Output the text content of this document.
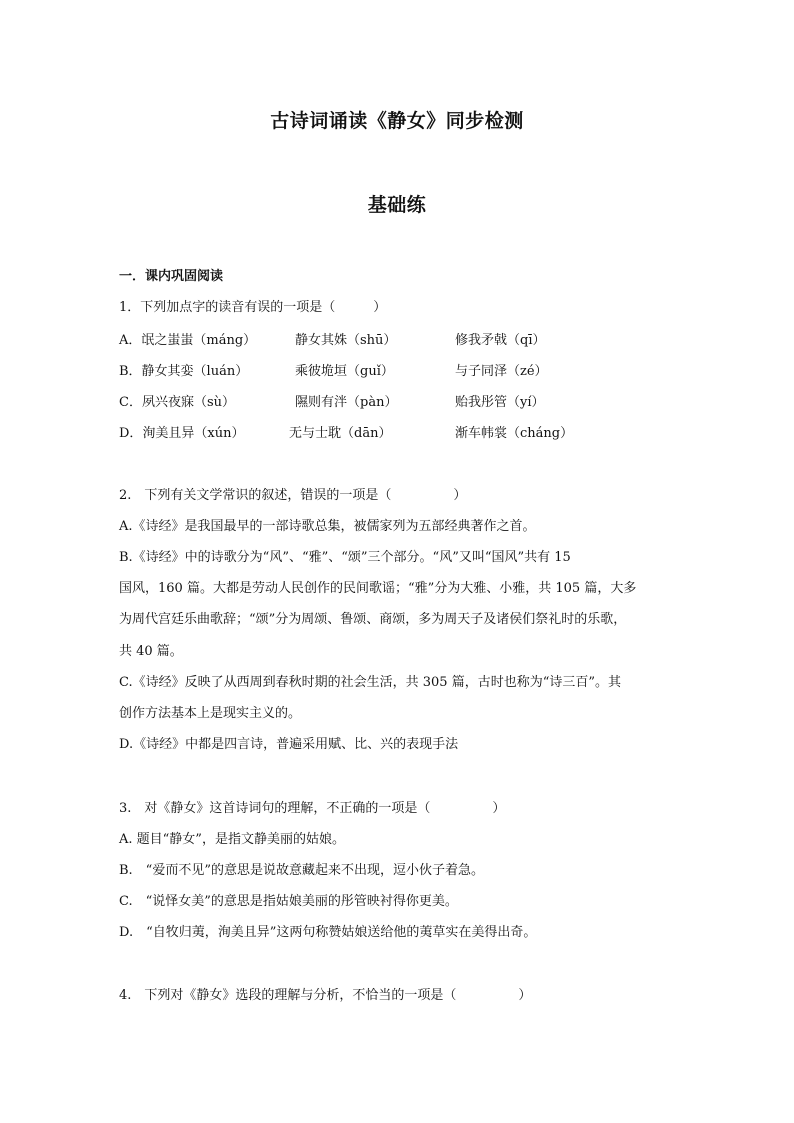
古诗词诵读《静女》同步检测
基础练
一．课内巩固阅读
1．下列加点字的读音有误的一项是（	）
A．氓之蚩蚩（máng）	静女其姝（shū）	修我矛戟（qī）
B．静女其娈（luán）	乘彼垝垣（guǐ）	与子同泽（zé）
C．夙兴夜寐（sù）	隰则有泮（pàn）	贻我彤管（yí）
D．洵美且异（xún）	无与士耽（dān）	渐车帏裳（cháng）
2.　下列有关文学常识的叙述，错误的一项是（	）
A.《诗经》是我国最早的一部诗歌总集，被儒家列为五部经典著作之首。
B.《诗经》中的诗歌分为“风”、“雅”、“颂”三个部分。“风”又叫“国风”共有 15
国风，160 篇。大都是劳动人民创作的民间歌谣；“雅”分为大雅、小雅，共 105 篇，大多
为周代宫廷乐曲歌辞；“颂”分为周颂、鲁颂、商颂，多为周天子及诸侯们祭礼时的乐歌，
共 40 篇。
C.《诗经》反映了从西周到春秋时期的社会生活，共 305 篇，古时也称为“诗三百”。其
创作方法基本上是现实主义的。
D.《诗经》中都是四言诗，普遍采用赋、比、兴的表现手法
3.　对《静女》这首诗词句的理解，不正确的一项是（	）
A. 题目“静女”，是指文静美丽的姑娘。
B.　“爱而不见”的意思是说故意藏起来不出现，逗小伙子着急。
C.　“说怿女美”的意思是指姑娘美丽的彤管映衬得你更美。
D.　“自牧归荑，洵美且异”这两句称赞姑娘送给他的荑草实在美得出奇。
4.　下列对《静女》选段的理解与分析，不恰当的一项是（	）
